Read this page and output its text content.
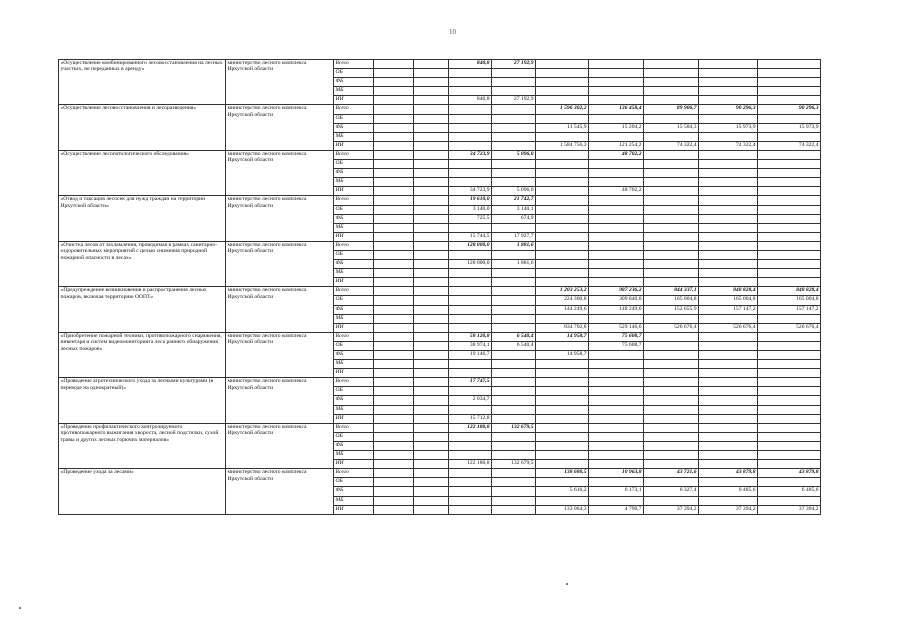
10
«Осуществление комбинированного лесовосстановления на лесных участках, не переданных в аренду»	министерство лесного комплекса Иркутской области	Всего			840,8	27 192,9					
		ОБ									
		ФБ									
		МБ									
		ИИ			840,8	27 192,9					
«Осуществление лесовосстановления и лесоразведения»	министерство лесного комплекса Иркутской области	Всего					1 596 302,2	136 458,4	89 906,7	90 296,3	90 296,3
		ОБ									
		ФБ					11 545,9	15 204,2	15 584,3	15 973,9	15 973,9
		МБ									
		ИИ					1 584 756,3	121 254,2	74 322,4	74 322,4	74 322,4
«Осуществление лесопатологического обследования»	министерство лесного комплекса Иркутской области	Всего			34 723,9	5 096,0		48 702,2			
		ОБ									
		ФБ									
		МБ									
		ИИ			34 723,9	5 096,0		48 702,2			
«Отвод и таксация лесосек для нужд граждан на территории Иркутской области»	министерство лесного комплекса Иркутской области	Всего			19 610,0	21 742,7					
		ОБ			3 140,0	3 140,1					
		ФБ			725,5	674,9					
		МБ									
		ИИ			15 744,5	17 927,7					
«Очистка лесов от захламления, проводимая в рамках санитарно-оздоровительных мероприятий с целью снижения природной пожарной опасности в лесах»	министерство лесного комплекса Иркутской области	Всего			128 000,0	1 881,6					
		ОБ									
		ФБ			128 000,0	1 881,6					
		МБ									
		ИИ									
«Предупреждение возникновения и распространения лесных пожаров, включая территорию ООПТ»	министерство лесного комплекса Иркутской области	Всего					1 203 253,2	987 236,2	844 337,1	848 828,4	848 828,4
		ОБ					224 300,8	309 840,0	165 004,8	165 004,8	165 004,8
		ФБ					144 249,6	148 249,6	152 655,9	157 147,2	157 147,2
		МБ									
		ИИ					834 702,8	529 146,6	526 676,4	526 676,4	526 676,4
«Приобретение пожарной техники, противопожарного снаряжения, инвентаря и систем видеомониторинга леса раннего обнаружения лесных пожаров»	министерство лесного комплекса Иркутской области	Всего			58 120,8	6 540,4	14 958,7	75 608,7			
		ОБ			38 974,1	6 540,4		75 608,7			
		ФБ			19 146,7		14 958,7				
		МБ									
		ИИ									
«Проведение агротехнического ухода за лесными культурами (в переводе на однократный)»	министерство лесного комплекса Иркутской области	Всего			17 747,5						
		ОБ									
		ФБ			2 034,7						
		МБ									
		ИИ			15 712,8						
«Проведение профилактического контролируемого противопожарного выжигания хвороста, лесной подстилки, сухой травы и других лесных горючих материалов»	министерство лесного комплекса Иркутской области	Всего			122 180,8	132 679,5					
		ОБ									
		ФБ									
		МБ									
		ИИ			122 180,8	132 679,5					
«Проведение ухода за лесами»	министерство лесного комплекса Иркутской области	Всего					138 680,5	10 963,8	43 721,6	43 879,8	43 879,8
		ОБ									
		ФБ					5 616,2	6 173,1	6 327,4	6 485,6	6 485,6
		МБ									
		ИИ					133 064,3	4 790,7	37 394,2	37 394,2	37 394,2
